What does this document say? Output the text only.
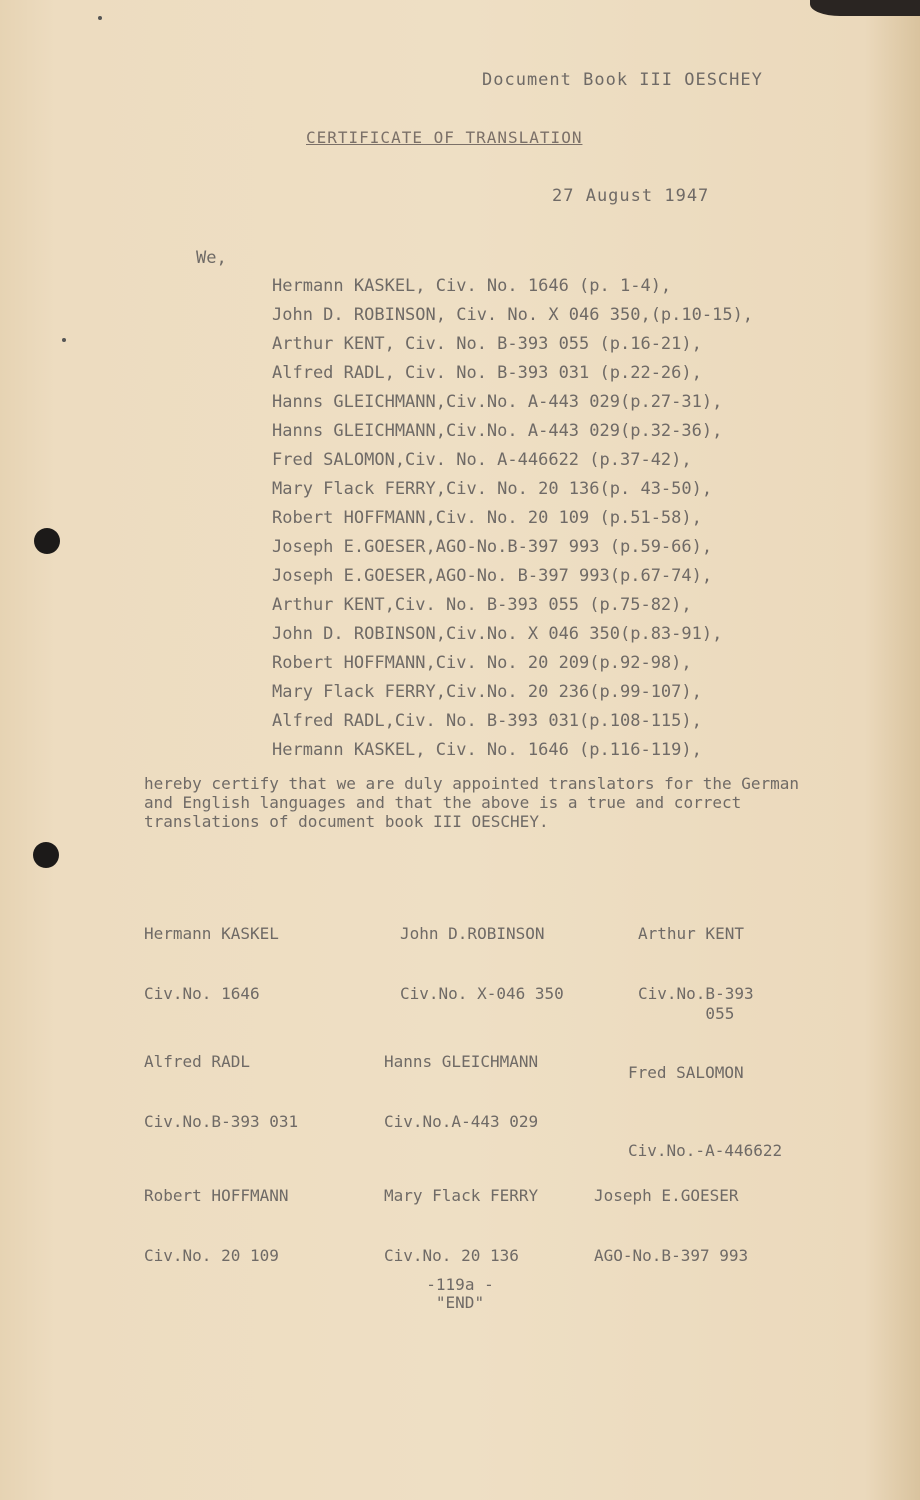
Document Book III OESCHEY
CERTIFICATE OF TRANSLATION
27 August 1947
We,
Hermann KASKEL, Civ. No. 1646 (p. 1-4),
John D. ROBINSON, Civ. No. X 046 350,(p.10-15),
Arthur KENT, Civ. No. B-393 055 (p.16-21),
Alfred RADL, Civ. No. B-393 031 (p.22-26),
Hanns GLEICHMANN,Civ.No. A-443 029(p.27-31),
Hanns GLEICHMANN,Civ.No. A-443 029(p.32-36),
Fred SALOMON,Civ. No. A-446622 (p.37-42),
Mary Flack FERRY,Civ. No. 20 136(p. 43-50),
Robert HOFFMANN,Civ. No. 20 109 (p.51-58),
Joseph E.GOESER,AGO-No.B-397 993 (p.59-66),
Joseph E.GOESER,AGO-No. B-397 993(p.67-74),
Arthur KENT,Civ. No. B-393 055 (p.75-82),
John D. ROBINSON,Civ.No. X 046 350(p.83-91),
Robert HOFFMANN,Civ. No. 20 209(p.92-98),
Mary Flack FERRY,Civ.No. 20 236(p.99-107),
Alfred RADL,Civ. No. B-393 031(p.108-115),
Hermann KASKEL, Civ. No. 1646 (p.116-119),

hereby certify that we are duly appointed translators for the German and English languages and that the above is a true and correct translations of document book III OESCHEY.

Hermann KASKEL

Civ.No. 1646

John D.ROBINSON

Civ.No. X-046 350

Arthur KENT

Civ.No.B-393
055

Alfred RADL

Civ.No.B-393 031

Hanns GLEICHMANN

Civ.No.A-443 029

Fred SALOMON

Civ.No.-A-446622

Robert HOFFMANN

Civ.No. 20 109

Mary Flack FERRY

Civ.No. 20 136

Joseph E.GOESER

AGO-No.B-397 993

-119a -
"END"
